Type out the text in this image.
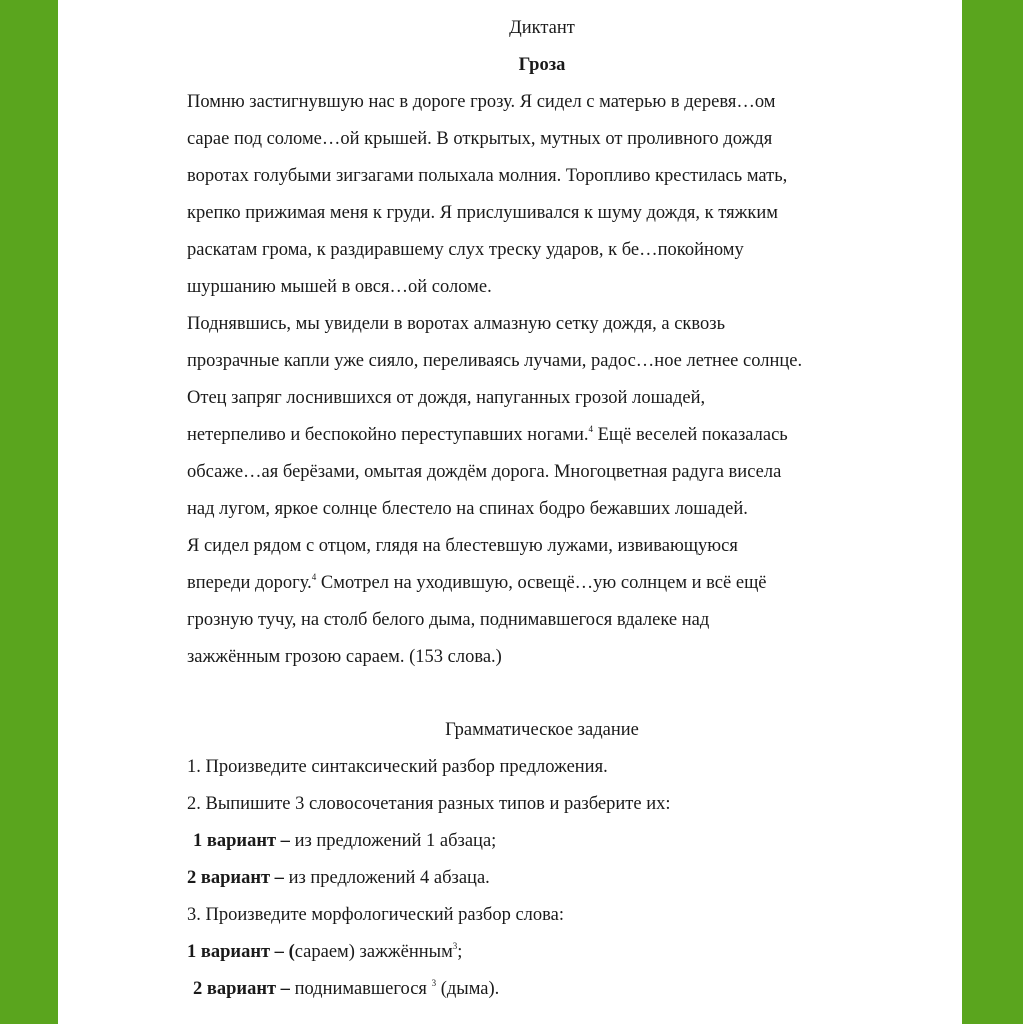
Диктант
Гроза
Помню застигнувшую нас в дороге грозу. Я сидел с матерью в деревя…ом
сарае под соломе…ой крышей. В открытых, мутных от проливного дождя
воротах голубыми зигзагами полыхала молния. Торопливо крестилась мать,
крепко прижимая меня к груди. Я прислушивался к шуму дождя, к тяжким
раскатам грома, к раздиравшему слух треску ударов, к бе…покойному
шуршанию мышей в овся…ой соломе.
Поднявшись, мы увидели в воротах алмазную сетку дождя, а сквозь
прозрачные капли уже сияло, переливаясь лучами, радос…ное летнее солнце.
Отец запряг лоснившихся от дождя, напуганных грозой лошадей,
нетерпеливо и беспокойно переступавших ногами.$^4$ Ещё веселей показалась
обсаже…ая берёзами, омытая дождём дорога. Многоцветная радуга висела
над лугом, яркое солнце блестело на спинах бодро бежавших лошадей.
Я сидел рядом с отцом, глядя на блестевшую лужами, извивающуюся
впереди дорогу.$^4$ Смотрел на уходившую, освещё…ую солнцем и всё ещё
грозную тучу, на столб белого дыма, поднимавшегося вдалеке над
зажжённым грозою сараем. (153 слова.)
Грамматическое задание
1. Произведите синтаксический разбор предложения.
2. Выпишите 3 словосочетания разных типов и разберите их:
1 вариант – из предложений 1 абзаца;
2 вариант – из предложений 4 абзаца.
3. Произведите морфологический разбор слова:
1 вариант – (сараем) зажжённым$^3$;
2 вариант – поднимавшегося $^3$ (дыма).
